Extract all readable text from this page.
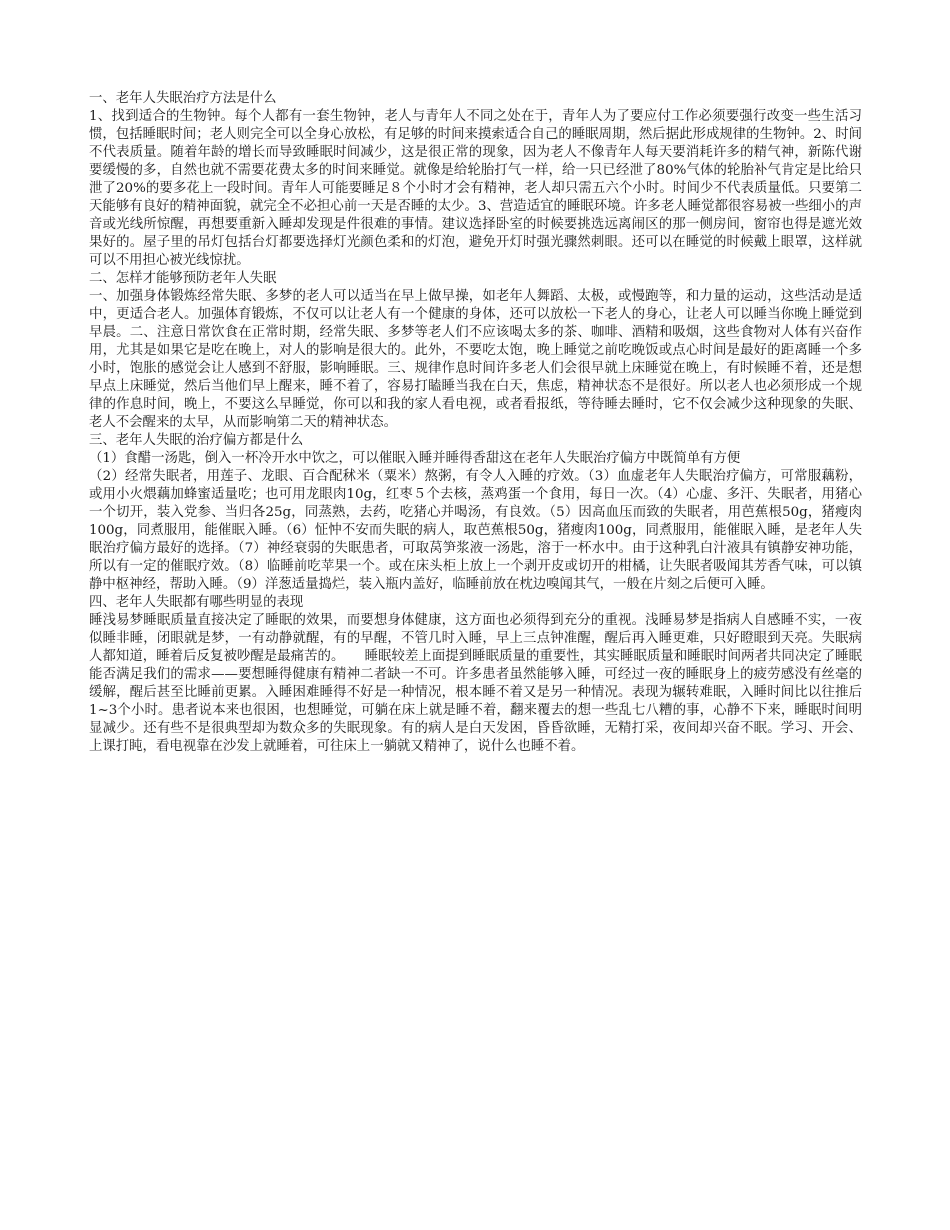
一、老年人失眠治疗方法是什么

1、找到适合的生物钟。每个人都有一套生物钟，老人与青年人不同之处在于，青年人为了要应付工作必须要强行改变一些生活习惯，包括睡眠时间；老人则完全可以全身心放松，有足够的时间来摸索适合自己的睡眠周期，然后据此形成规律的生物钟。2、时间不代表质量。随着年龄的增长而导致睡眠时间减少，这是很正常的现象，因为老人不像青年人每天要消耗许多的精气神，新陈代谢要缓慢的多，自然也就不需要花费太多的时间来睡觉。就像是给轮胎打气一样，给一只已经泄了80%气体的轮胎补气肯定是比给只泄了20%的要多花上一段时间。青年人可能要睡足８个小时才会有精神，老人却只需五六个小时。时间少不代表质量低。只要第二天能够有良好的精神面貌，就完全不必担心前一天是否睡的太少。3、营造适宜的睡眠环境。许多老人睡觉都很容易被一些细小的声音或光线所惊醒，再想要重新入睡却发现是件很难的事情。建议选择卧室的时候要挑选远离闹区的那一侧房间，窗帘也得是遮光效果好的。屋子里的吊灯包括台灯都要选择灯光颜色柔和的灯泡，避免开灯时强光骤然刺眼。还可以在睡觉的时候戴上眼罩，这样就可以不用担心被光线惊扰。

二、怎样才能够预防老年人失眠

一、加强身体锻炼经常失眠、多梦的老人可以适当在早上做早操，如老年人舞蹈、太极，或慢跑等，和力量的运动，这些活动是适中，更适合老人。加强体育锻炼，不仅可以让老人有一个健康的身体，还可以放松一下老人的身心，让老人可以睡当你晚上睡觉到早晨。二、注意日常饮食在正常时期，经常失眠、多梦等老人们不应该喝太多的茶、咖啡、酒精和吸烟，这些食物对人体有兴奋作用，尤其是如果它是吃在晚上，对人的影响是很大的。此外，不要吃太饱，晚上睡觉之前吃晚饭或点心时间是最好的距离睡一个多小时，饱胀的感觉会让人感到不舒服，影响睡眠。三、规律作息时间许多老人们会很早就上床睡觉在晚上，有时候睡不着，还是想早点上床睡觉，然后当他们早上醒来，睡不着了，容易打瞌睡当我在白天，焦虑，精神状态不是很好。所以老人也必须形成一个规律的作息时间，晚上，不要这么早睡觉，你可以和我的家人看电视，或者看报纸，等待睡去睡时，它不仅会减少这种现象的失眠、老人不会醒来的太早，从而影响第二天的精神状态。

三、老年人失眠的治疗偏方都是什么

（1）食醋一汤匙，倒入一杯冷开水中饮之，可以催眠入睡并睡得香甜这在老年人失眠治疗偏方中既简单有方便

（2）经常失眠者，用莲子、龙眼、百合配秫米（粟米）熬粥，有令人入睡的疗效。（3）血虚老年人失眠治疗偏方，可常服藕粉，或用小火煨藕加蜂蜜适量吃；也可用龙眼肉10g，红枣５个去核，蒸鸡蛋一个食用，每日一次。（4）心虚、多汗、失眠者，用猪心一个切开，装入党参、当归各25g，同蒸熟，去药，吃猪心并喝汤，有良效。（5）因高血压而致的失眠者，用芭蕉根50g，猪瘦肉100g，同煮服用，能催眠入睡。（6）怔忡不安而失眠的病人，取芭蕉根50g，猪瘦肉100g，同煮服用，能催眠入睡，是老年人失眠治疗偏方最好的选择。（7）神经衰弱的失眠患者，可取莴笋浆液一汤匙，溶于一杯水中。由于这种乳白汁液具有镇静安神功能，所以有一定的催眠疗效。（8）临睡前吃苹果一个。或在床头柜上放上一个剥开皮或切开的柑橘，让失眠者吸闻其芳香气味，可以镇静中枢神经，帮助入睡。（9）洋葱适量捣烂，装入瓶内盖好，临睡前放在枕边嗅闻其气，一般在片刻之后便可入睡。

四、老年人失眠都有哪些明显的表现

睡浅易梦睡眠质量直接决定了睡眠的效果，而要想身体健康，这方面也必须得到充分的重视。浅睡易梦是指病人自感睡不实，一夜似睡非睡，闭眼就是梦，一有动静就醒，有的早醒，不管几时入睡，早上三点钟准醒，醒后再入睡更难，只好瞪眼到天亮。失眠病人都知道，睡着后反复被吵醒是最痛苦的。　　睡眠较差上面提到睡眠质量的重要性，其实睡眠质量和睡眠时间两者共同决定了睡眠能否满足我们的需求——要想睡得健康有精神二者缺一不可。许多患者虽然能够入睡，可经过一夜的睡眠身上的疲劳感没有丝毫的缓解，醒后甚至比睡前更累。入睡困难睡得不好是一种情况，根本睡不着又是另一种情况。表现为辗转难眠，入睡时间比以往推后1~3个小时。患者说本来也很困，也想睡觉，可躺在床上就是睡不着，翻来覆去的想一些乱七八糟的事，心静不下来，睡眠时间明显减少。还有些不是很典型却为数众多的失眠现象。有的病人是白天发困，昏昏欲睡，无精打采，夜间却兴奋不眠。学习、开会、上课打盹，看电视靠在沙发上就睡着，可往床上一躺就又精神了，说什么也睡不着。
